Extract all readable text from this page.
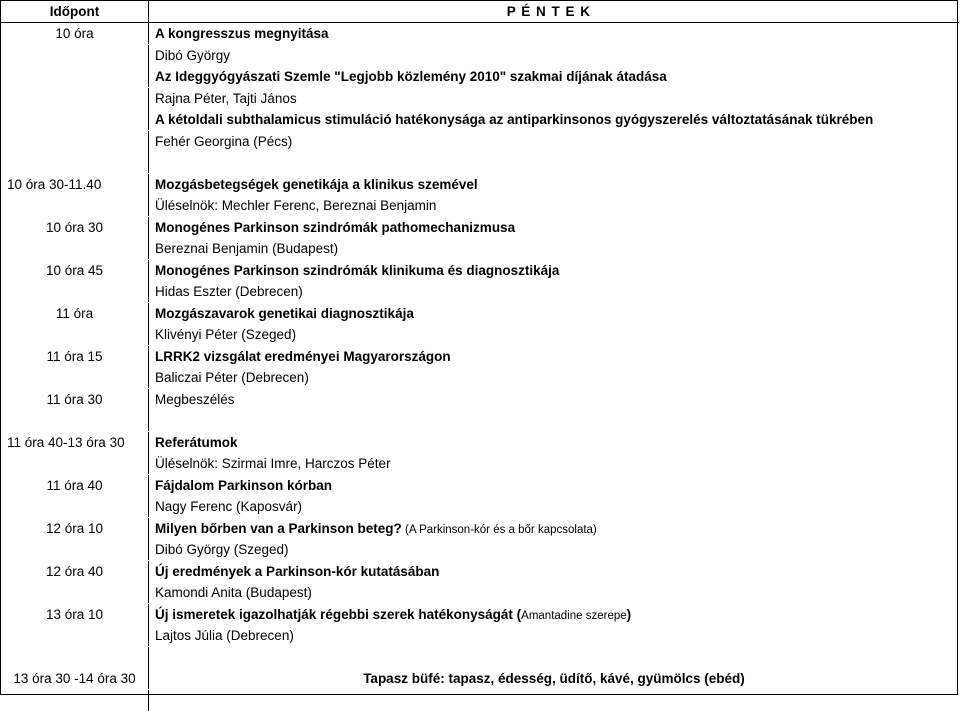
Időpont	P É N T E K
10 óra	A kongresszus megnyitása
Dibó György
Az Ideggyógyászati Szemle "Legjobb közlemény 2010" szakmai díjának átadása
Rajna Péter, Tajti János
A kétoldali subthalamicus stimuláció hatékonysága az antiparkinsonos gyógyszerelés változtatásának tükrében
Fehér Georgina (Pécs)
10 óra 30-11.40	Mozgásbetegségek genetikája a klinikus szemével
Üléselnök: Mechler Ferenc, Bereznai Benjamin
10 óra 30	Monogénes Parkinson szindrómák pathomechanizmusa
Bereznai Benjamin (Budapest)
10 óra 45	Monogénes Parkinson szindrómák klinikuma és diagnosztikája
Hidas Eszter (Debrecen)
11 óra	Mozgászavarok genetikai diagnosztikája
Klivényi Péter (Szeged)
11 óra 15	LRRK2 vizsgálat eredményei Magyarországon
Baliczai Péter (Debrecen)
11 óra 30	Megbeszélés
11 óra 40-13 óra 30	Referátumok
Üléselnök: Szirmai Imre, Harczos Péter
11 óra 40	Fájdalom Parkinson kórban
Nagy Ferenc (Kaposvár)
12 óra 10	Milyen bőrben van a Parkinson beteg? (A Parkinson-kór és a bőr kapcsolata)
Dibó György (Szeged)
12 óra 40	Új eredmények a Parkinson-kór kutatásában
Kamondi Anita (Budapest)
13 óra 10	Új ismeretek igazolhatják régebbi szerek hatékonyságát (Amantadine szerepe)
Lajtos Júlia (Debrecen)
13 óra 30 -14 óra 30	Tapasz büfé: tapasz, édesség, üdítő, kávé, gyümölcs (ebéd)
